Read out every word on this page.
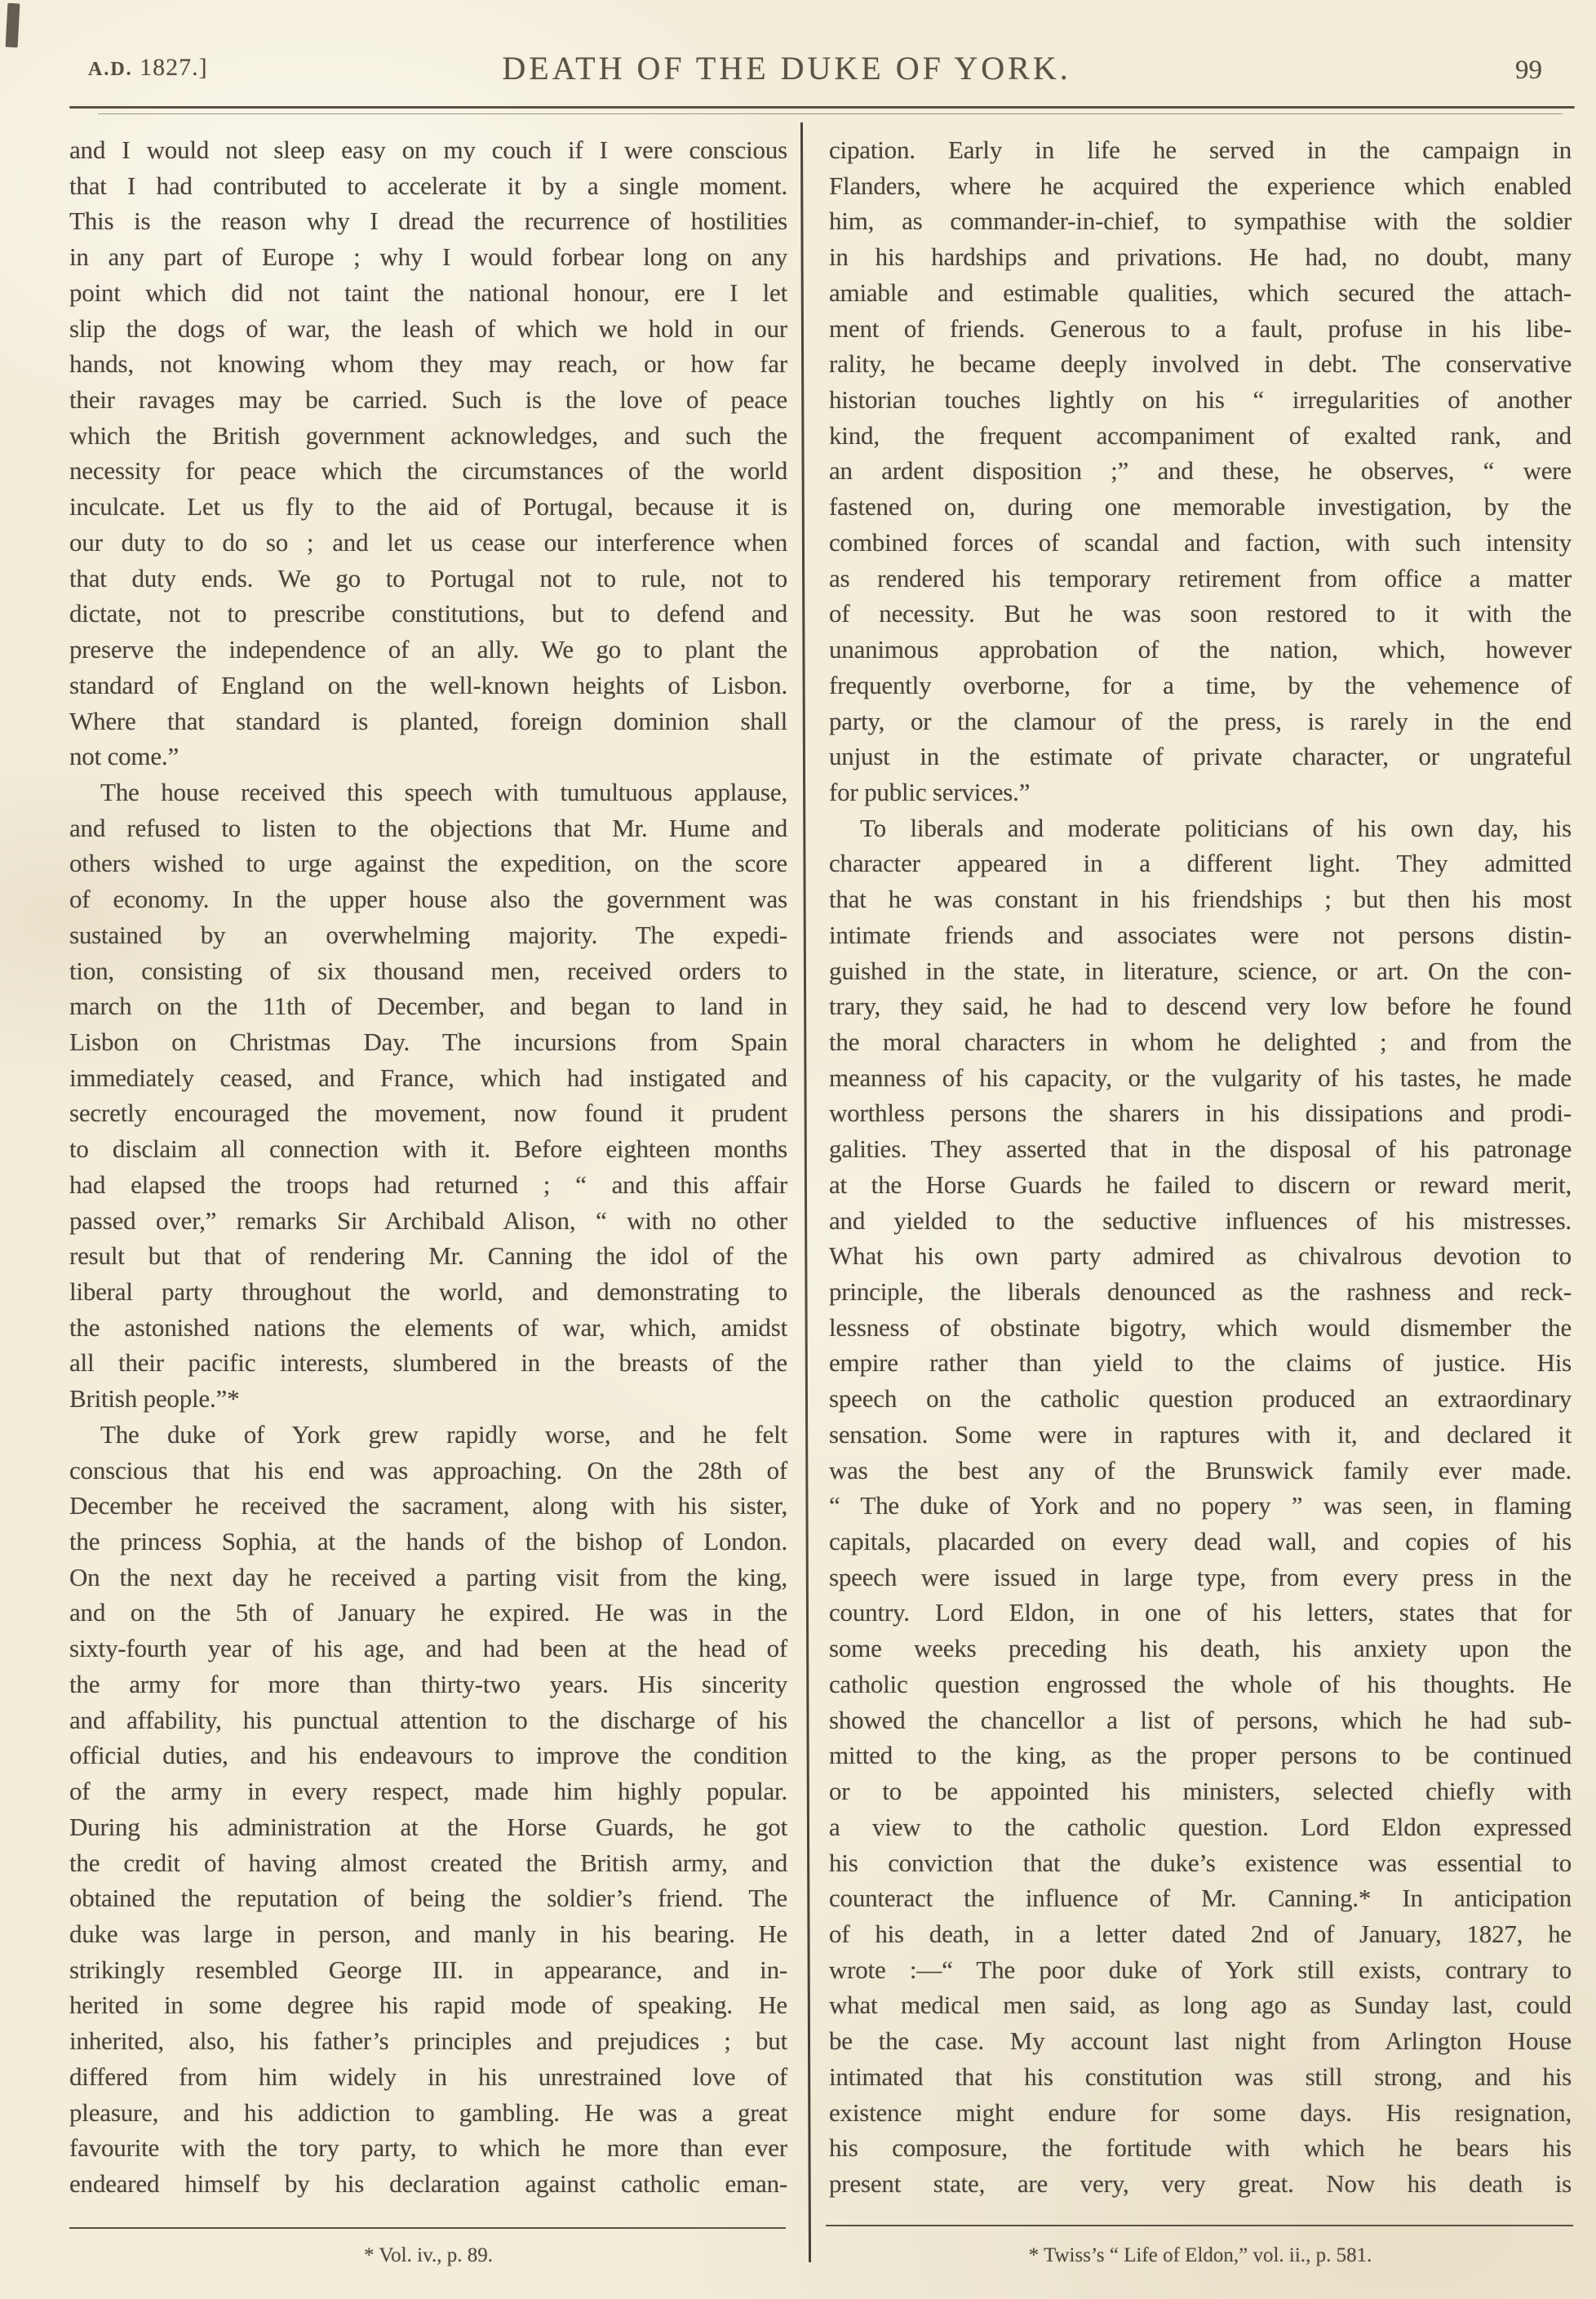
A.D. 1827.]	DEATH OF THE DUKE OF YORK.	99
and I would not sleep easy on my couch if I were conscious
that I had contributed to accelerate it by a single moment.
This is the reason why I dread the recurrence of hostilities
in any part of Europe ; why I would forbear long on any
point which did not taint the national honour, ere I let
slip the dogs of war, the leash of which we hold in our
hands, not knowing whom they may reach, or how far
their ravages may be carried. Such is the love of peace
which the British government acknowledges, and such the
necessity for peace which the circumstances of the world
inculcate. Let us fly to the aid of Portugal, because it is
our duty to do so ; and let us cease our interference when
that duty ends. We go to Portugal not to rule, not to
dictate, not to prescribe constitutions, but to defend and
preserve the independence of an ally. We go to plant the
standard of England on the well-known heights of Lisbon.
Where that standard is planted, foreign dominion shall
not come.”
The house received this speech with tumultuous applause,
and refused to listen to the objections that Mr. Hume and
others wished to urge against the expedition, on the score
of economy. In the upper house also the government was
sustained by an overwhelming majority. The expedi-
tion, consisting of six thousand men, received orders to
march on the 11th of December, and began to land in
Lisbon on Christmas Day. The incursions from Spain
immediately ceased, and France, which had instigated and
secretly encouraged the movement, now found it prudent
to disclaim all connection with it. Before eighteen months
had elapsed the troops had returned ; “ and this affair
passed over,” remarks Sir Archibald Alison, “ with no other
result but that of rendering Mr. Canning the idol of the
liberal party throughout the world, and demonstrating to
the astonished nations the elements of war, which, amidst
all their pacific interests, slumbered in the breasts of the
British people.”*
The duke of York grew rapidly worse, and he felt
conscious that his end was approaching. On the 28th of
December he received the sacrament, along with his sister,
the princess Sophia, at the hands of the bishop of London.
On the next day he received a parting visit from the king,
and on the 5th of January he expired. He was in the
sixty-fourth year of his age, and had been at the head of
the army for more than thirty-two years. His sincerity
and affability, his punctual attention to the discharge of his
official duties, and his endeavours to improve the condition
of the army in every respect, made him highly popular.
During his administration at the Horse Guards, he got
the credit of having almost created the British army, and
obtained the reputation of being the soldier’s friend. The
duke was large in person, and manly in his bearing. He
strikingly resembled George III. in appearance, and in-
herited in some degree his rapid mode of speaking. He
inherited, also, his father’s principles and prejudices ; but
differed from him widely in his unrestrained love of
pleasure, and his addiction to gambling. He was a great
favourite with the tory party, to which he more than ever
endeared himself by his declaration against catholic eman-
cipation. Early in life he served in the campaign in
Flanders, where he acquired the experience which enabled
him, as commander-in-chief, to sympathise with the soldier
in his hardships and privations. He had, no doubt, many
amiable and estimable qualities, which secured the attach-
ment of friends. Generous to a fault, profuse in his libe-
rality, he became deeply involved in debt. The conservative
historian touches lightly on his “ irregularities of another
kind, the frequent accompaniment of exalted rank, and
an ardent disposition ;” and these, he observes, “ were
fastened on, during one memorable investigation, by the
combined forces of scandal and faction, with such intensity
as rendered his temporary retirement from office a matter
of necessity. But he was soon restored to it with the
unanimous approbation of the nation, which, however
frequently overborne, for a time, by the vehemence of
party, or the clamour of the press, is rarely in the end
unjust in the estimate of private character, or ungrateful
for public services.”
To liberals and moderate politicians of his own day, his
character appeared in a different light. They admitted
that he was constant in his friendships ; but then his most
intimate friends and associates were not persons distin-
guished in the state, in literature, science, or art. On the con-
trary, they said, he had to descend very low before he found
the moral characters in whom he delighted ; and from the
meanness of his capacity, or the vulgarity of his tastes, he made
worthless persons the sharers in his dissipations and prodi-
galities. They asserted that in the disposal of his patronage
at the Horse Guards he failed to discern or reward merit,
and yielded to the seductive influences of his mistresses.
What his own party admired as chivalrous devotion to
principle, the liberals denounced as the rashness and reck-
lessness of obstinate bigotry, which would dismember the
empire rather than yield to the claims of justice. His
speech on the catholic question produced an extraordinary
sensation. Some were in raptures with it, and declared it
was the best any of the Brunswick family ever made.
“ The duke of York and no popery ” was seen, in flaming
capitals, placarded on every dead wall, and copies of his
speech were issued in large type, from every press in the
country. Lord Eldon, in one of his letters, states that for
some weeks preceding his death, his anxiety upon the
catholic question engrossed the whole of his thoughts. He
showed the chancellor a list of persons, which he had sub-
mitted to the king, as the proper persons to be continued
or to be appointed his ministers, selected chiefly with
a view to the catholic question. Lord Eldon expressed
his conviction that the duke’s existence was essential to
counteract the influence of Mr. Canning.* In anticipation
of his death, in a letter dated 2nd of January, 1827, he
wrote :—“ The poor duke of York still exists, contrary to
what medical men said, as long ago as Sunday last, could
be the case. My account last night from Arlington House
intimated that his constitution was still strong, and his
existence might endure for some days. His resignation,
his composure, the fortitude with which he bears his
present state, are very, very great. Now his death is
* Vol. iv., p. 89.	* Twiss’s “ Life of Eldon,” vol. ii., p. 581.
